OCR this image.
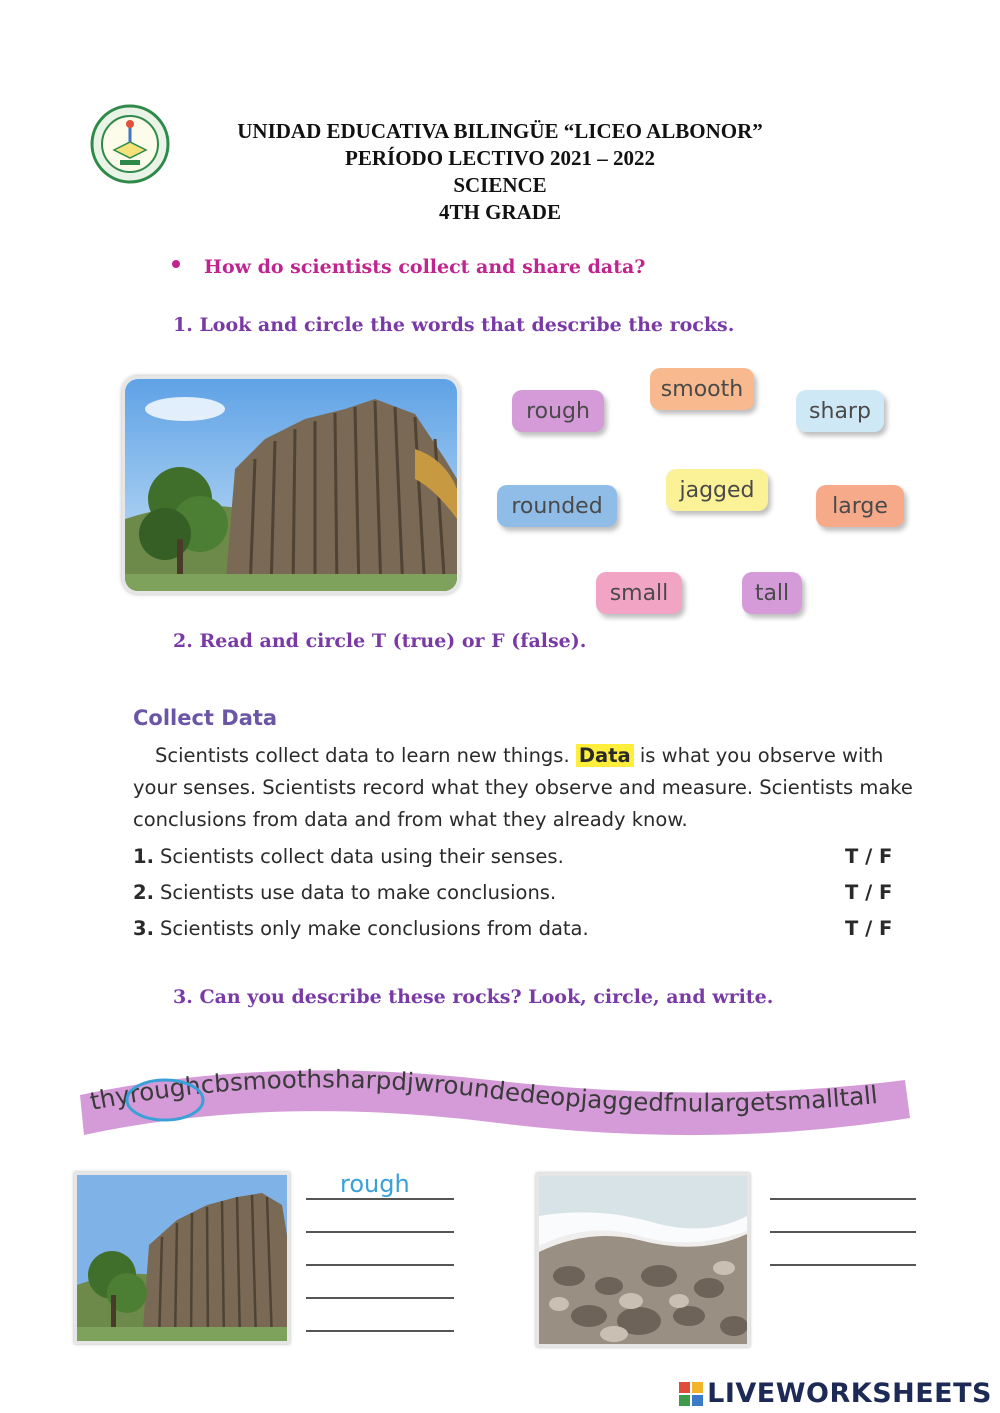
UNIDAD EDUCATIVA BILINGÜE “LICEO ALBONOR”
PERÍODO LECTIVO 2021 – 2022
SCIENCE
4TH GRADE
How do scientists collect and share data?
1. Look and circle the words that describe the rocks.
rough
smooth
sharp
rounded
jagged
large
small	tall
2. Read and circle T (true) or F (false).
Collect Data
Scientists collect data to learn new things. Data is what you observe with your senses. Scientists record what they observe and measure. Scientists make conclusions from data and from what they already know.
1. Scientists collect data using their senses.	T / F
2. Scientists use data to make conclusions.	T / F
3. Scientists only make conclusions from data.	T / F
3. Can you describe these rocks? Look, circle, and write.
thyroughcbsmoothsharpdjwroundedeopjaggedfnulargetsmalltall
rough
LIVE WORKSHEETS
